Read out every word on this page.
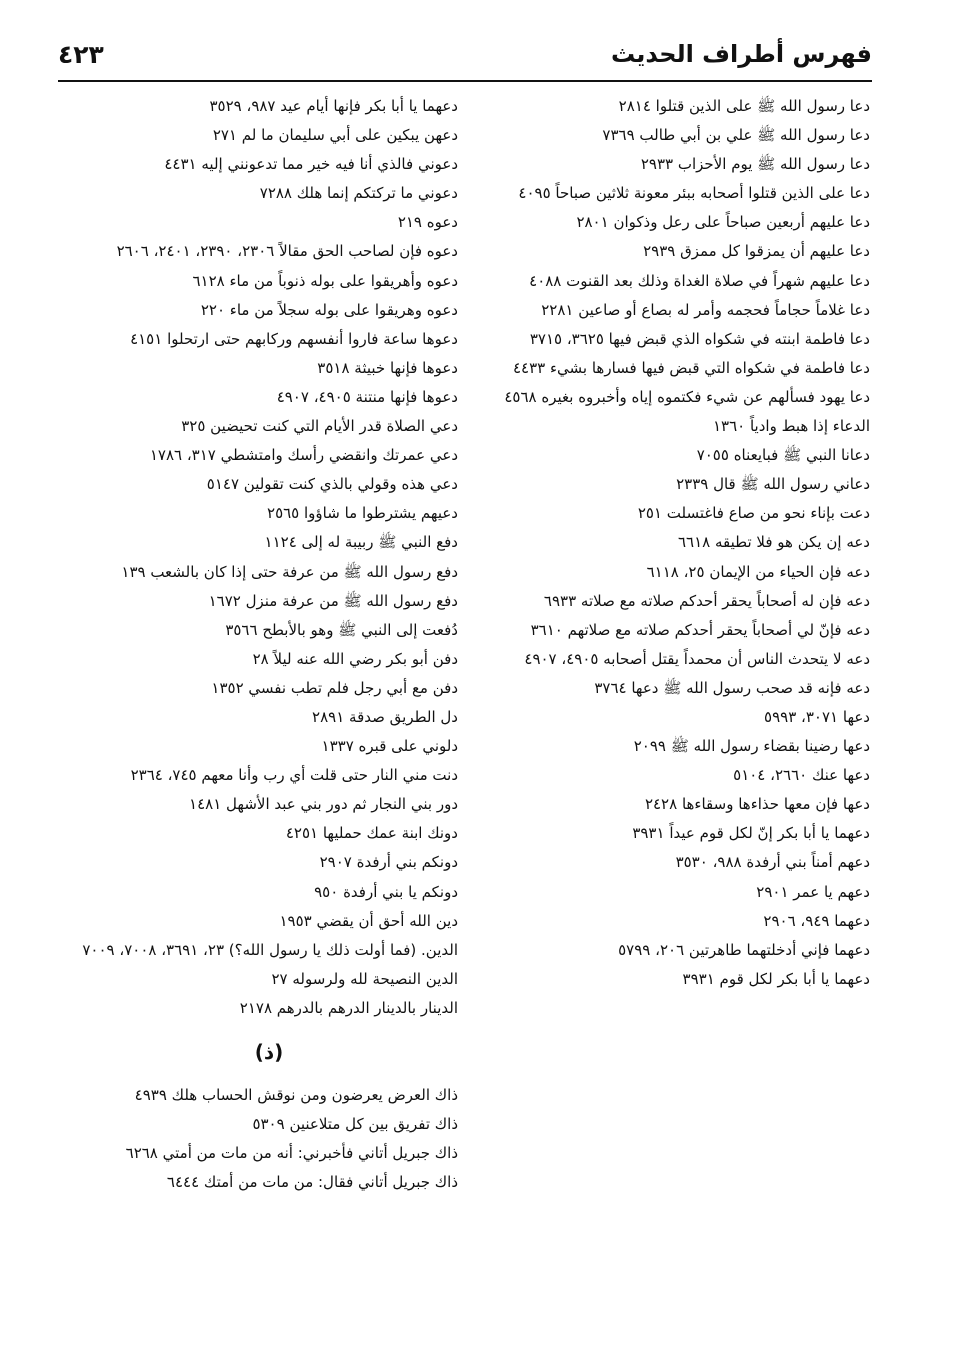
فهرس أطراف الحديث
٤٢٣
دعا رسول الله ﷺ على الذين قتلوا ٢٨١٤
دعا رسول الله ﷺ علي بن أبي طالب ٧٣٦٩
دعا رسول الله ﷺ يوم الأحزاب ٢٩٣٣
دعا على الذين قتلوا أصحابه ببئر معونة ثلاثين صباحاً ٤٠٩٥
دعا عليهم أربعين صباحاً على رعل وذكوان ٢٨٠١
دعا عليهم أن يمزقوا كل ممزق ٢٩٣٩
دعا عليهم شهراً في صلاة الغداة وذلك بعد القنوت ٤٠٨٨
دعا غلاماً حجاماً فحجمه وأمر له بصاع أو صاعين ٢٢٨١
دعا فاطمة ابنته في شكواه الذي قبض فيها ٣٦٢٥، ٣٧١٥
دعا فاطمة في شكواه التي قبض فيها فسارها بشيء ٤٤٣٣
دعا يهود فسألهم عن شيء فكتموه إياه وأخبروه بغيره ٤٥٦٨
الدعاء إذا هبط وادياً ١٣٦٠
دعانا النبي ﷺ فبايعناه ٧٠٥٥
دعاني رسول الله ﷺ قال ٢٣٣٩
دعت بإناء نحو من صاع فاغتسلت ٢٥١
دعه إن يكن هو فلا تطيقه ٦٦١٨
دعه فإن الحياء من الإيمان ٢٥، ٦١١٨
دعه فإن له أصحاباً يحقر أحدكم صلاته مع صلاته ٦٩٣٣
دعه فإنّ لي أصحاباً يحقر أحدكم صلاته مع صلاتهم ٣٦١٠
دعه لا يتحدث الناس أن محمداً يقتل أصحابه ٤٩٠٥، ٤٩٠٧
دعه فإنه قد صحب رسول الله ﷺ دعها ٣٧٦٤
دعها ٣٠٧١، ٥٩٩٣
دعها رضينا بقضاء رسول الله ﷺ ٢٠٩٩
دعها عنك ٢٦٦٠، ٥١٠٤
دعها فإن معها حذاءها وسقاءها ٢٤٢٨
دعهما يا أبا بكر إنّ لكل قوم عيداً ٣٩٣١
دعهم أمناً بني أرفدة ٩٨٨، ٣٥٣٠
دعهم يا عمر ٢٩٠١
دعهما ٩٤٩، ٢٩٠٦
دعهما فإني أدخلتهما طاهرتين ٢٠٦، ٥٧٩٩
دعهما يا أبا بكر لكل قوم ٣٩٣١
دعهما يا أبا بكر فإنها أيام عيد ٩٨٧، ٣٥٢٩
دعهن يبكين على أبي سليمان ما لم ٢٧١
دعوني فالذي أنا فيه خير مما تدعونني إليه ٤٤٣١
دعوني ما تركتكم إنما هلك ٧٢٨٨
دعوه ٢١٩
دعوه فإن لصاحب الحق مقالاً ٢٣٠٦، ٢٣٩٠، ٢٤٠١، ٢٦٠٦
دعوه وأهريقوا على بوله ذنوباً من ماء ٦١٢٨
دعوه وهريقوا على بوله سجلاً من ماء ٢٢٠
دعوها ساعة فاروا أنفسهم وركابهم حتى ارتحلوا ٤١٥١
دعوها فإنها خبيثة ٣٥١٨
دعوها فإنها منتنة ٤٩٠٥، ٤٩٠٧
دعي الصلاة قدر الأيام التي كنت تحيضين ٣٢٥
دعي عمرتك وانقضي رأسك وامتشطي ٣١٧، ١٧٨٦
دعي هذه وقولي بالذي كنت تقولين ٥١٤٧
دعيهم يشترطوا ما شاؤوا ٢٥٦٥
دفع النبي ﷺ ربيبة له إلى ١١٢٤
دفع رسول الله ﷺ من عرفة حتى إذا كان بالشعب ١٣٩
دفع رسول الله ﷺ من عرفة منزل ١٦٧٢
دُفعت إلى النبي ﷺ وهو بالأبطح ٣٥٦٦
دفن أبو بكر رضي الله عنه ليلاً ٢٨
دفن مع أبي رجل فلم تطب نفسي ١٣٥٢
دل الطريق صدقة ٢٨٩١
دلوني على قبره ١٣٣٧
دنت مني النار حتى قلت أي رب وأنا معهم ٧٤٥، ٢٣٦٤
دور بني النجار ثم دور بني عبد الأشهل ١٤٨١
دونك ابنة عمك حمليها ٤٢٥١
دونكم بني أرفدة ٢٩٠٧
دونكم يا بني أرفدة ٩٥٠
دين الله أحق أن يقضي ١٩٥٣
الدين. (فما أولت ذلك يا رسول الله؟) ٢٣، ٣٦٩١، ٧٠٠٨، ٧٠٠٩
الدين النصيحة لله ولرسوله ٢٧
الدينار بالدينار الدرهم بالدرهم ٢١٧٨
(ذ)
ذاك العرض يعرضون ومن نوقش الحساب هلك ٤٩٣٩
ذاك تفريق بين كل متلاعنين ٥٣٠٩
ذاك جبريل أتاني فأخبرني: أنه من مات من أمتي ٦٢٦٨
ذاك جبريل أتاني فقال: من مات من أمتك ٦٤٤٤
